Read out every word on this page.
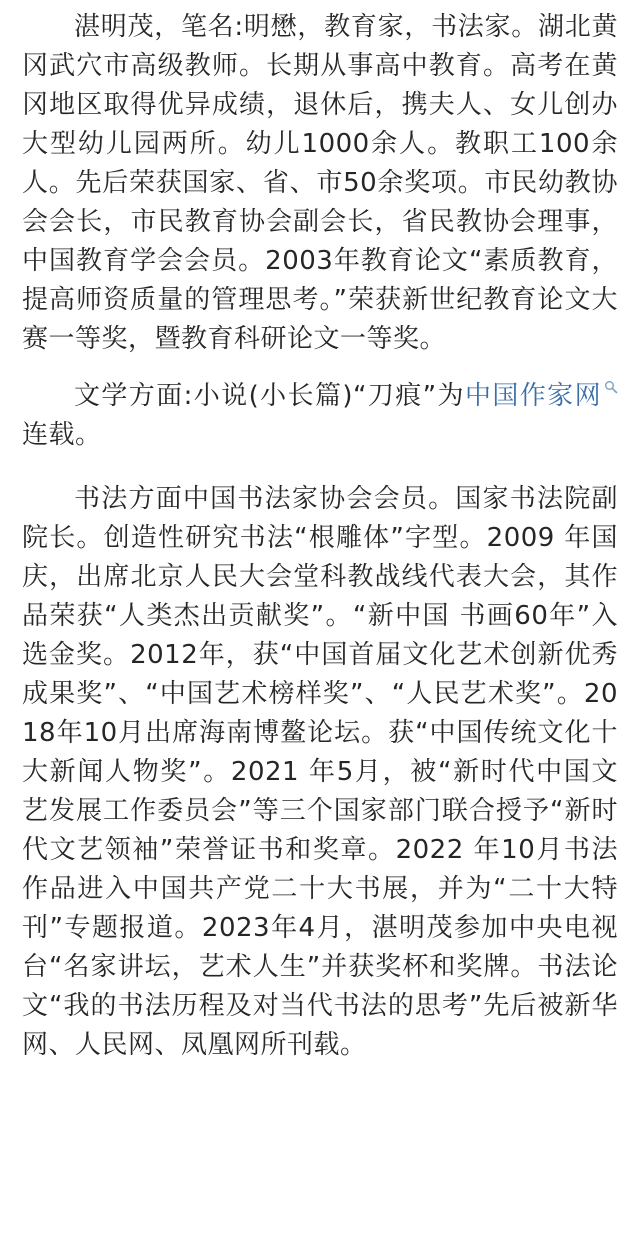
湛明茂，笔名:明懋，教育家，书法家。湖北黄冈武穴市高级教师。长期从事高中教育。高考在黄冈地区取得优异成绩，退休后，携夫人、女儿创办大型幼儿园两所。幼儿1000余人。教职工100余人。先后荣获国家、省、市50余奖项。市民幼教协会会长，市民教育协会副会长，省民教协会理事，中国教育学会会员。2003年教育论文“素质教育，提高师资质量的管理思考。”荣获新世纪教育论文大赛一等奖，暨教育科研论文一等奖。

文学方面:小说(小长篇)“刀痕”为中国作家网连载。

书法方面中国书法家协会会员。国家书法院副院长。创造性研究书法“根雕体”字型。2009 年国庆，出席北京人民大会堂科教战线代表大会，其作品荣获“人类杰出贡献奖”。“新中国 书画60年”入选金奖。2012年，获“中国首届文化艺术创新优秀成果奖”、“中国艺术榜样奖”、“人民艺术奖”。2018年10月出席海南博鳌论坛。获“中国传统文化十大新闻人物奖”。2021 年5月，被“新时代中国文艺发展工作委员会”等三个国家部门联合授予“新时代文艺领袖”荣誉证书和奖章。2022 年10月书法作品进入中国共产党二十大书展，并为“二十大特刊”专题报道。2023年4月，湛明茂参加中央电视台“名家讲坛，艺术人生”并获奖杯和奖牌。书法论文“我的书法历程及对当代书法的思考”先后被新华网、人民网、凤凰网所刊载。
